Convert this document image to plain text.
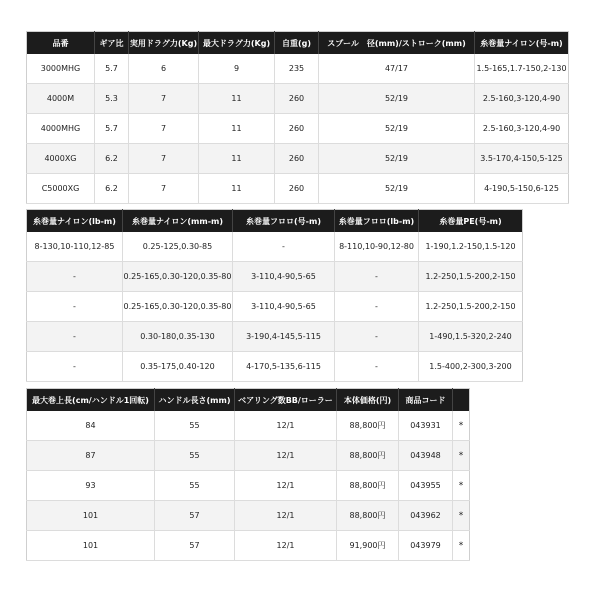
品番	ギア比	実用ドラグ力(Kg)	最大ドラグ力(Kg)	自重(g)	スプール　径(mm)/ストローク(mm)	糸巻量ナイロン(号-m)
3000MHG	5.7	6	9	235	47/17	1.5-165,1.7-150,2-130
4000M	5.3	7	11	260	52/19	2.5-160,3-120,4-90
4000MHG	5.7	7	11	260	52/19	2.5-160,3-120,4-90
4000XG	6.2	7	11	260	52/19	3.5-170,4-150,5-125
C5000XG	6.2	7	11	260	52/19	4-190,5-150,6-125
糸巻量ナイロン(lb-m)	糸巻量ナイロン(mm-m)	糸巻量フロロ(号-m)	糸巻量フロロ(lb-m)	糸巻量PE(号-m)
8-130,10-110,12-85	0.25-125,0.30-85	-	8-110,10-90,12-80	1-190,1.2-150,1.5-120
-	0.25-165,0.30-120,0.35-80	3-110,4-90,5-65	-	1.2-250,1.5-200,2-150
-	0.25-165,0.30-120,0.35-80	3-110,4-90,5-65	-	1.2-250,1.5-200,2-150
-	0.30-180,0.35-130	3-190,4-145,5-115	-	1-490,1.5-320,2-240
-	0.35-175,0.40-120	4-170,5-135,6-115	-	1.5-400,2-300,3-200
最大巻上長(cm/ハンドル1回転)	ハンドル長さ(mm)	ベアリング数BB/ローラー	本体価格(円)	商品コード	
84	55	12/1	88,800円	043931	*
87	55	12/1	88,800円	043948	*
93	55	12/1	88,800円	043955	*
101	57	12/1	88,800円	043962	*
101	57	12/1	91,900円	043979	*
